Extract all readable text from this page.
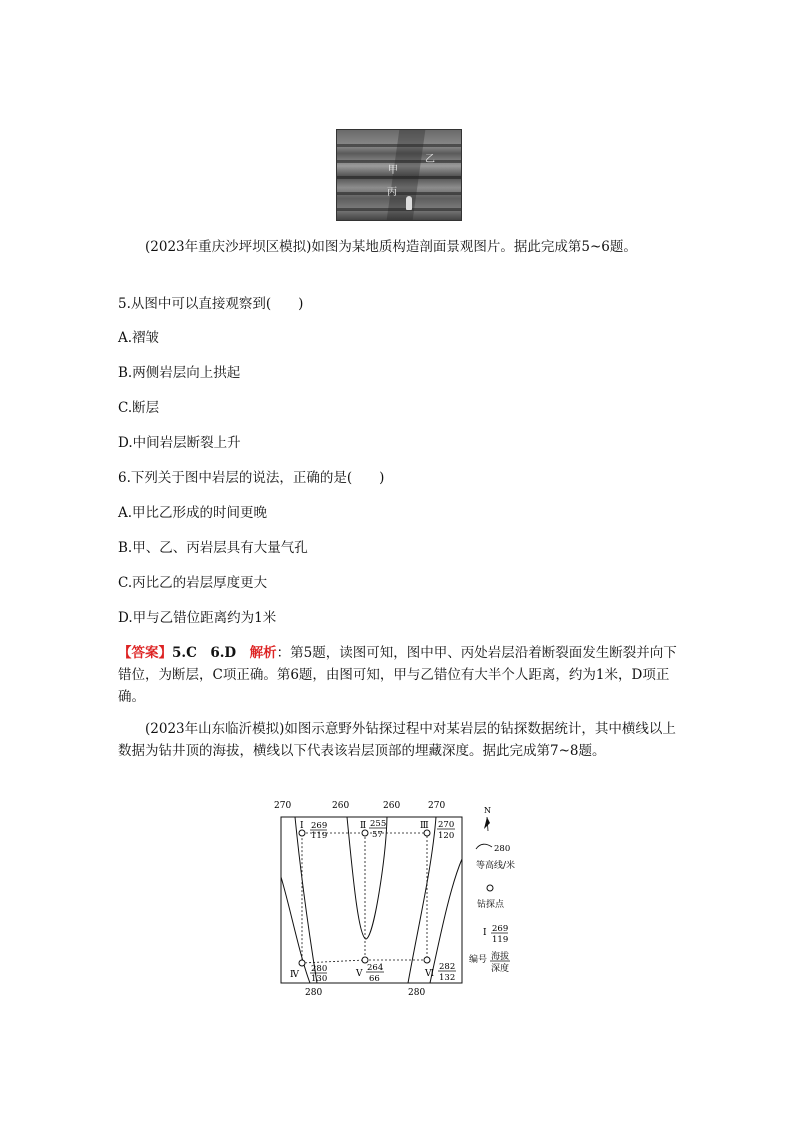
乙
甲
丙
(2023年重庆沙坪坝区模拟)如图为某地质构造剖面景观图片。据此完成第5~6题。
5.从图中可以直接观察到(　　)
A.褶皱
B.两侧岩层向上拱起
C.断层
D.中间岩层断裂上升
6.下列关于图中岩层的说法，正确的是(　　)
A.甲比乙形成的时间更晚
B.甲、乙、丙岩层具有大量气孔
C.丙比乙的岩层厚度更大
D.甲与乙错位距离约为1米
【答案】5.C　6.D　 解析：第5题，读图可知，图中甲、丙处岩层沿着断裂面发生断裂并向下错位，为断层，C项正确。第6题，由图可知，甲与乙错位有大半个人距离，约为1米，D项正确。
(2023年山东临沂模拟)如图示意野外钻探过程中对某岩层的钻探数据统计，其中横线以上数据为钻井顶的海拔，横线以下代表该岩层顶部的埋藏深度。据此完成第7~8题。
270	260	260	270
280	280
Ⅰ 269
119
Ⅱ 255
57
Ⅲ 270
120
Ⅳ
280
130	Ⅴ
264
66	Ⅵ
282
132
N
280
等高线/米
钻探点
Ⅰ 269
119
编号 海拔
深度
